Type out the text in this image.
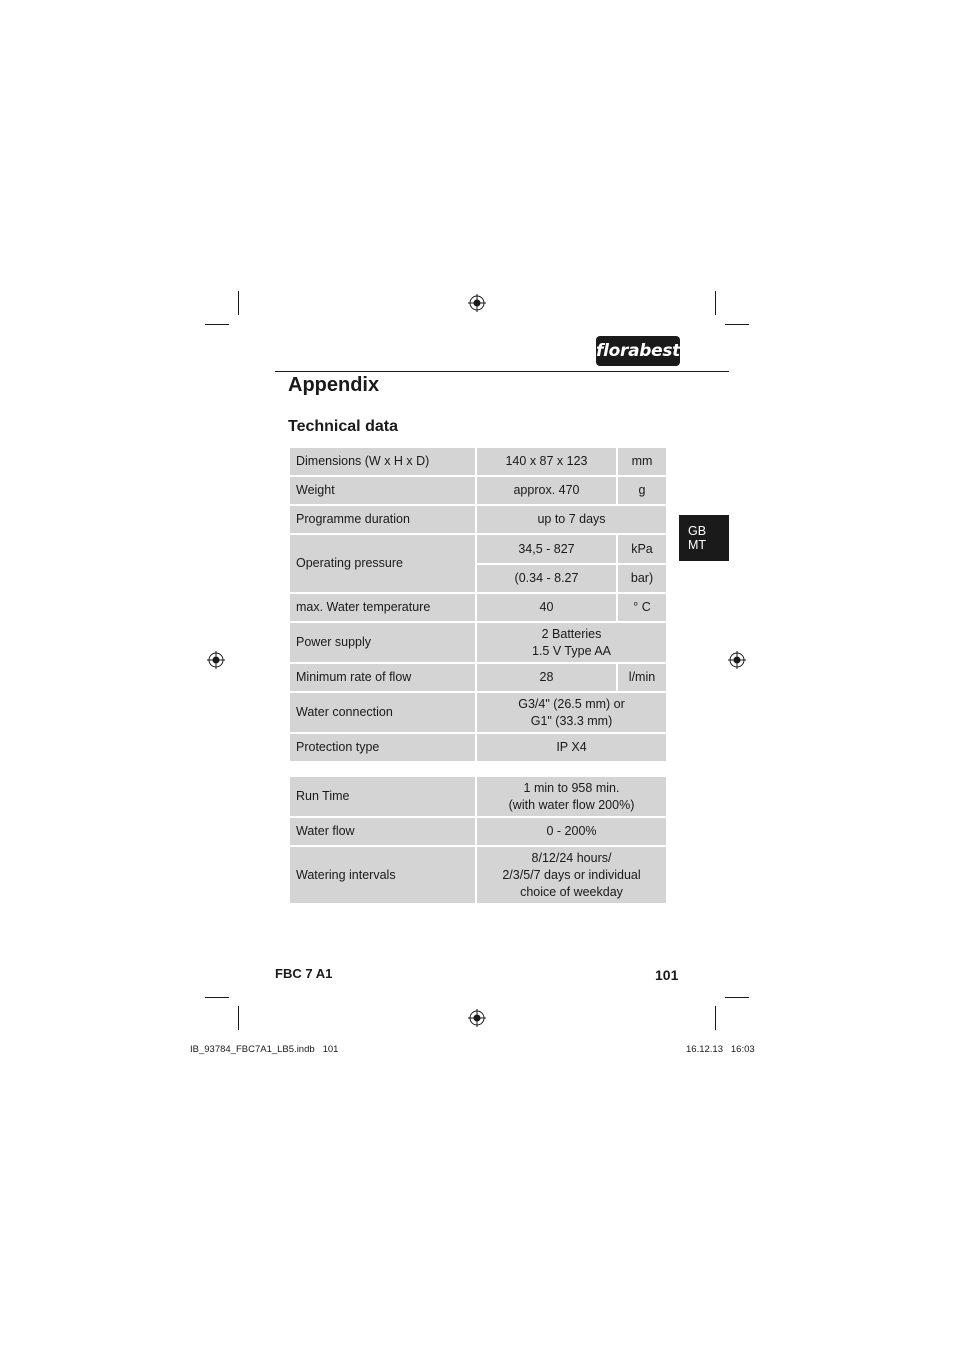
florabest
Appendix
Technical data
GB
MT
Dimensions (W x H x D)	140 x 87 x 123	mm
Weight	approx. 470	g
Programme duration	up to 7 days	
Operating pressure	34,5 - 827	kPa
	(0.34 - 8.27	bar)
max. Water temperature	40	° C
Power supply	2 Batteries
1.5 V Type AA	

Minimum rate of flow	28	l/min
Water connection	G3/4" (26.5 mm) or
G1" (33.3 mm)	

Protection type	IP X4	
Run Time	1 min to 958 min.
(with water flow 200%)

Water flow	0 - 200%
Watering intervals	8/12/24 hours/
2/3/5/7 days or individual
choice of weekday
FBC 7 A1	101
IB_93784_FBC7A1_LB5.indb   101	16.12.13   16:03
